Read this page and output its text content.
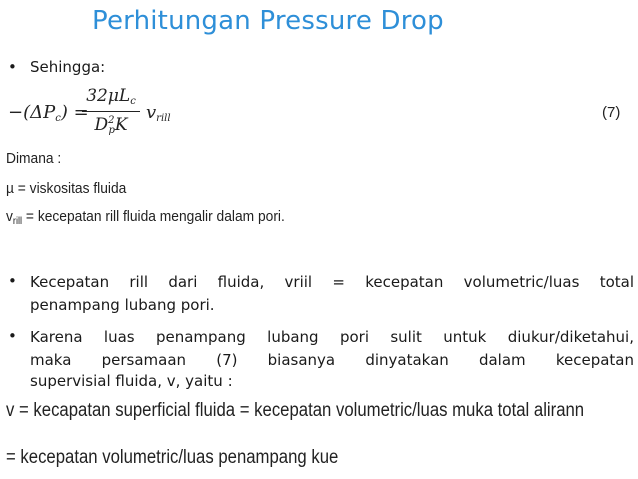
Perhitungan Pressure Drop
• Sehingga:
$-(\Delta P_c)$ =
$32\mu L_c$
$D^2_pK$
$v_{rill}$	(7)
Dimana :
µ = viskositas fluida
$v_{rill}$ = kecepatan rill fluida mengalir dalam pori.
• Kecepatan rill dari fluida, vriil = kecepatan volumetric/luas total
penampang lubang pori.
• Karena luas penampang lubang pori sulit untuk diukur/diketahui,
maka persamaan (7) biasanya dinyatakan dalam kecepatan
supervisial fluida, v, yaitu :
v = kecapatan superficial fluida = kecepatan volumetric/luas muka total alirann
= kecepatan volumetric/luas penampang kue
